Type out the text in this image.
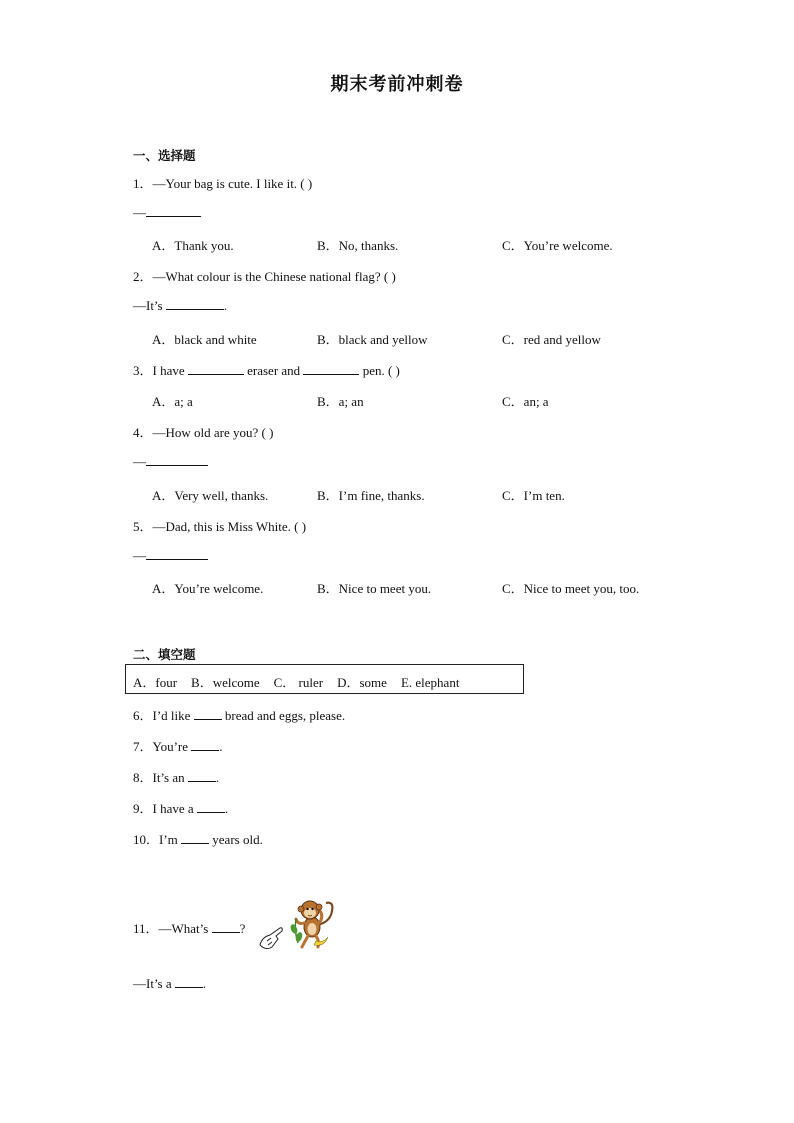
期末考前冲刺卷
一、选择题
1．—Your bag is cute. I like it. ( )
—
A．Thank you.	B．No, thanks.	C．You’re welcome.
2．—What colour is the Chinese national flag? ( )
—It’s	.
A．black and white	B．black and yellow	C．red and yellow
3．I have	eraser and	pen. ( )
A．a; a	B．a; an	C．an; a
4．—How old are you? ( )
—
A．Very well, thanks.	B．I’m fine, thanks.	C．I’m ten.
5．—Dad, this is Miss White. ( )
—
A．You’re welcome.	B．Nice to meet you.	C．Nice to meet you, too.
二、填空题
A．four B．welcome C． ruler D．some E. elephant
6．I’d like	bread and eggs, please.
7．You’re .
8．It’s an .
9．I have a .
10．I’m	years old.
11．—What’s ?
—It’s a .
